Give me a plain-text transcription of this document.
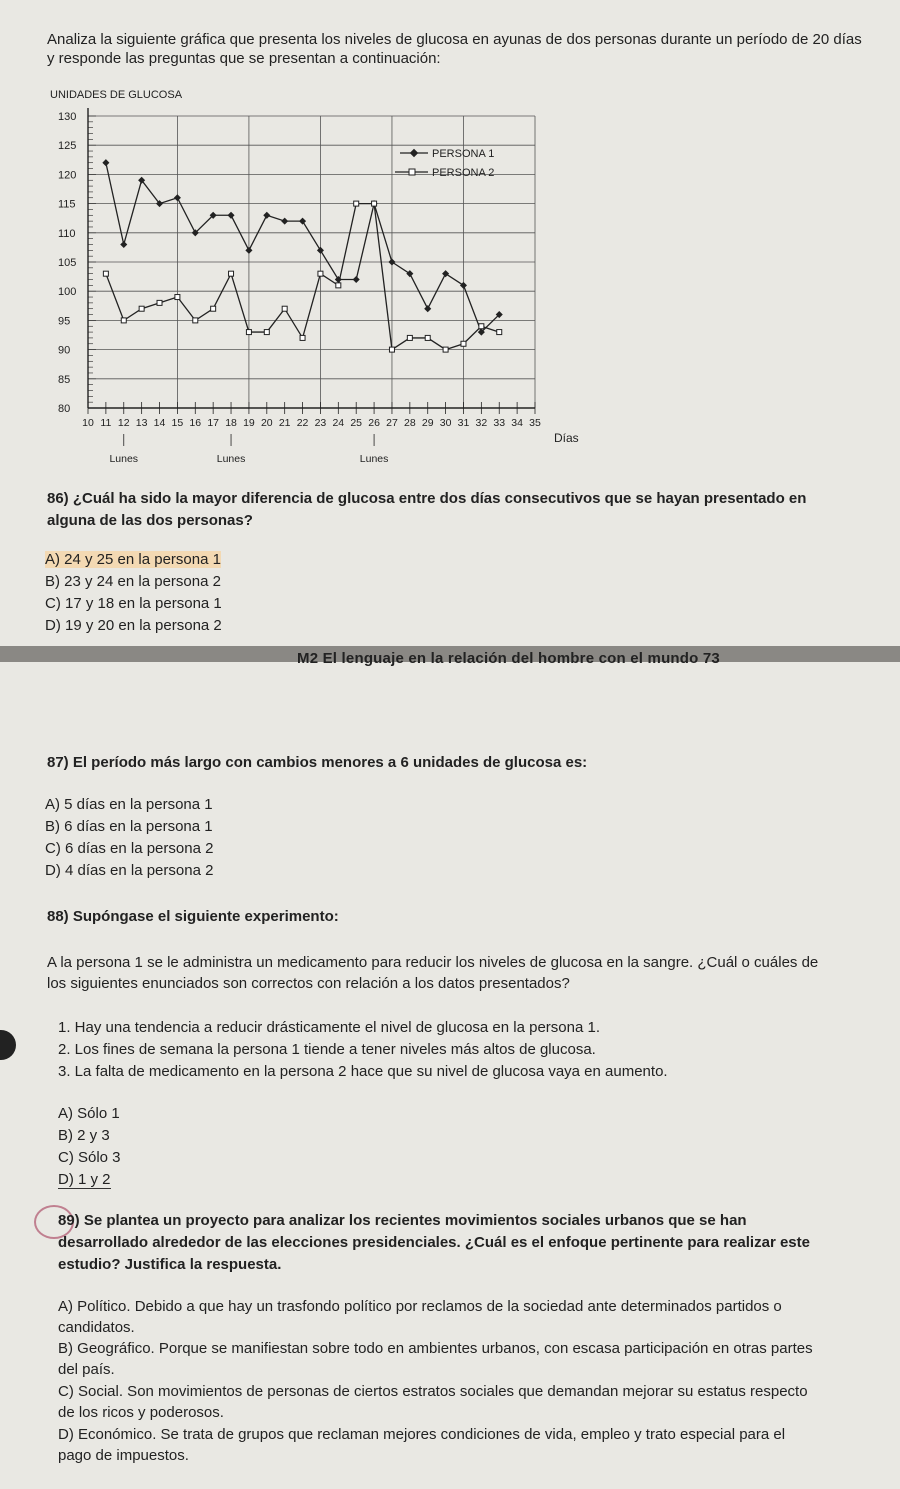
Analiza la siguiente gráfica que presenta los niveles de glucosa en ayunas de dos personas durante un período de 20 días y responde las preguntas que se presentan a continuación:
UNIDADES DE GLUCOSA
130
125
120
115
110
105
100
95
90
85
80
10 11 12 13 14 15 16 17 18 19 20 21 22 23 24 25 26 27 28 29 30 31 32 33 34 35
Días
Lunes	Lunes	Lunes
PERSONA 1
PERSONA 2
86) ¿Cuál ha sido la mayor diferencia de glucosa entre dos días consecutivos que se hayan presentado en alguna de las dos personas?
A) 24 y 25 en la persona 1
B) 23 y 24 en la persona 2
C) 17 y 18 en la persona 1
D) 19 y 20 en la persona 2
M2 El lenguaje en la relación del hombre con el mundo 73
87) El período más largo con cambios menores a 6 unidades de glucosa es:
A) 5 días en la persona 1
B) 6 días en la persona 1
C) 6 días en la persona 2
D) 4 días en la persona 2
88) Supóngase el siguiente experimento:
A la persona 1 se le administra un medicamento para reducir los niveles de glucosa en la sangre. ¿Cuál o cuáles de los siguientes enunciados son correctos con relación a los datos presentados?
1. Hay una tendencia a reducir drásticamente el nivel de glucosa en la persona 1.
2. Los fines de semana la persona 1 tiende a tener niveles más altos de glucosa.
3. La falta de medicamento en la persona 2 hace que su nivel de glucosa vaya en aumento.
A) Sólo 1
B) 2 y 3
C) Sólo 3
D) 1 y 2
89) Se plantea un proyecto para analizar los recientes movimientos sociales urbanos que se han desarrollado alrededor de las elecciones presidenciales. ¿Cuál es el enfoque pertinente para realizar este estudio? Justifica la respuesta.
A) Político. Debido a que hay un trasfondo político por reclamos de la sociedad ante determinados partidos o candidatos.
B) Geográfico. Porque se manifiestan sobre todo en ambientes urbanos, con escasa participación en otras partes del país.
C) Social. Son movimientos de personas de ciertos estratos sociales que demandan mejorar su estatus respecto de los ricos y poderosos.
D) Económico. Se trata de grupos que reclaman mejores condiciones de vida, empleo y trato especial para el pago de impuestos.
